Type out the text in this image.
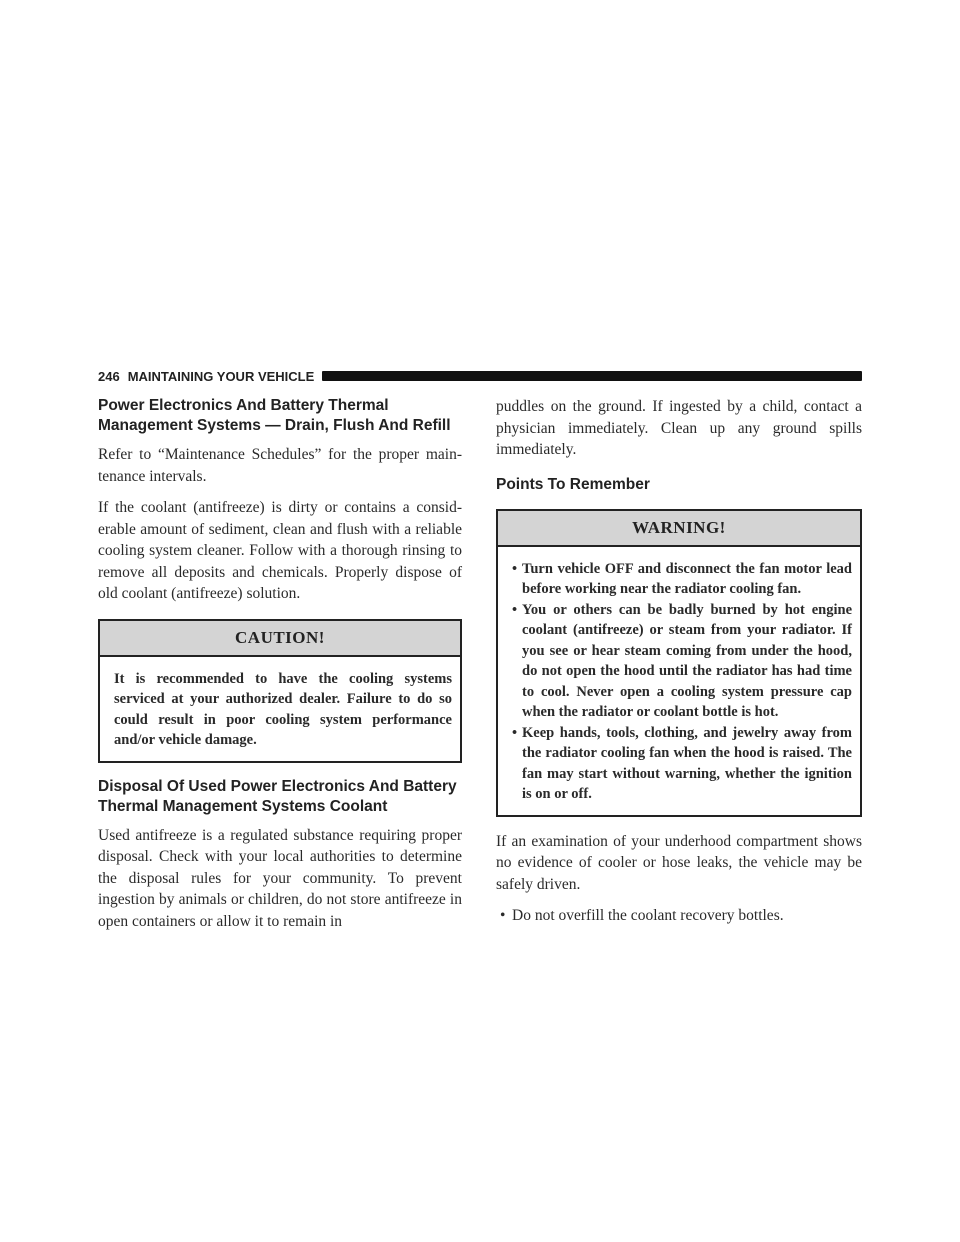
246 MAINTAINING YOUR VEHICLE
Power Electronics And Battery Thermal Management Systems — Drain, Flush And Refill

Refer to “Maintenance Schedules” for the proper main-tenance intervals.

If the coolant (antifreeze) is dirty or contains a consid-erable amount of sediment, clean and flush with a reliable cooling system cleaner. Follow with a thorough rinsing to remove all deposits and chemicals. Properly dispose of old coolant (antifreeze) solution.

CAUTION!
It is recommended to have the cooling systems serviced at your authorized dealer. Failure to do so could result in poor cooling system performance and/or vehicle damage.
Disposal Of Used Power Electronics And Battery Thermal Management Systems Coolant

Used antifreeze is a regulated substance requiring proper disposal. Check with your local authorities to determine the disposal rules for your community. To prevent ingestion by animals or children, do not store antifreeze in open containers or allow it to remain in

puddles on the ground. If ingested by a child, contact a physician immediately. Clean up any ground spills immediately.

Points To Remember
WARNING!
• Turn vehicle OFF and disconnect the fan motor lead before working near the radiator cooling fan.
• You or others can be badly burned by hot engine coolant (antifreeze) or steam from your radiator. If you see or hear steam coming from under the hood, do not open the hood until the radiator has had time to cool. Never open a cooling system pressure cap when the radiator or coolant bottle is hot.
• Keep hands, tools, clothing, and jewelry away from the radiator cooling fan when the hood is raised. The fan may start without warning, whether the ignition is on or off.

If an examination of your underhood compartment shows no evidence of cooler or hose leaks, the vehicle may be safely driven.

• Do not overfill the coolant recovery bottles.
